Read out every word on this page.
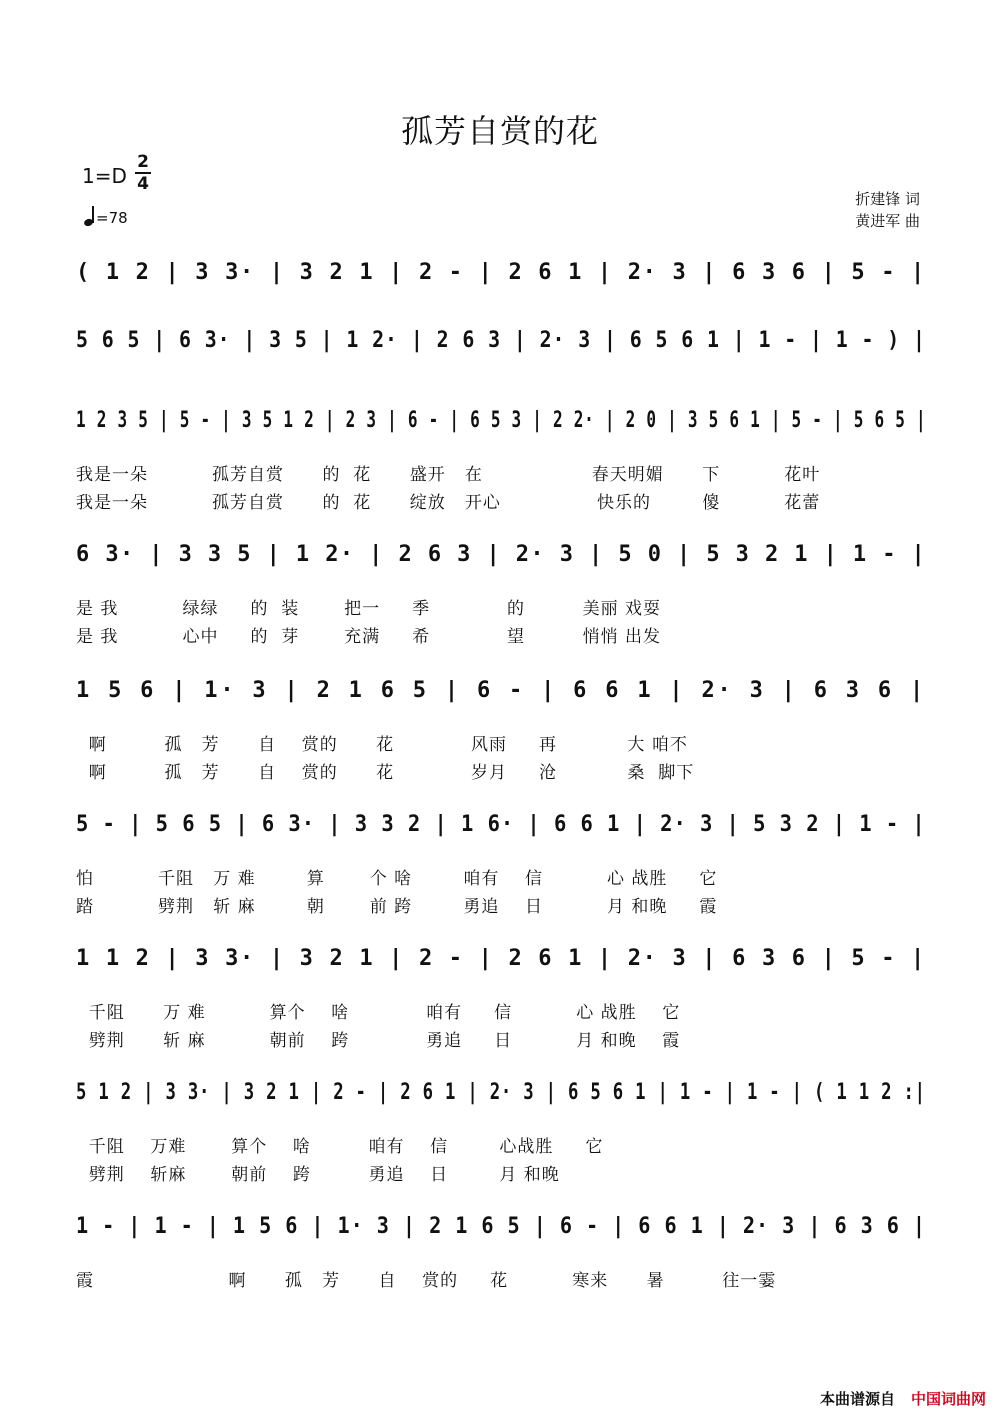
孤芳自赏的花
1=D
2
4
=78
折建锋 词
黄进军 曲
( 1 2 | 3 3· | 3 2 1 | 2 - | 2 6 1 | 2· 3 | 6 3 6 | 5 - |
5 6 5 | 6 3· | 3 5 | 1 2· | 2 6 3 | 2· 3 | 6 5 6 1 | 1 - | 1 - ) |
1 2 3 5 | 5 - | 3 5 1 2 | 2 3 | 6 - | 6 5 3 | 2 2· | 2 0 | 3 5 6 1 | 5 - | 5 6 5 |
我是一朵          孤芳自赏      的  花      盛开   在                 春天明媚      下          花叶
我是一朵          孤芳自赏      的  花      绽放   开心               快乐的        傻          花蕾
6 3· | 3 3 5 | 1 2· | 2 6 3 | 2· 3 | 5 0 | 5 3 2 1 | 1 - |
是 我          绿绿     的  装       把一     季            的         美丽 戏耍
是 我          心中     的  芽       充满     希            望         悄悄 出发
1 5 6 | 1· 3 | 2 1 6 5 | 6 - | 6 6 1 | 2· 3 | 6 3 6 |
啊         孤   芳      自    赏的      花            风雨     再           大 咱不
啊         孤   芳      自    赏的      花            岁月     沧           桑  脚下
5 - | 5 6 5 | 6 3· | 3 3 2 | 1 6· | 6 6 1 | 2· 3 | 5 3 2 | 1 - |
怕          千阻   万 难        算       个 啥        咱有    信          心 战胜     它
踏          劈荆   斩 麻        朝       前 跨        勇追    日          月 和晚     霞
1 1 2 | 3 3· | 3 2 1 | 2 - | 2 6 1 | 2· 3 | 6 3 6 | 5 - |
千阻      万 难          算个    啥            咱有     信          心 战胜    它
劈荆      斩 麻          朝前    跨            勇追     日          月 和晚    霞
5 1 2 | 3 3· | 3 2 1 | 2 - | 2 6 1 | 2· 3 | 6 5 6 1 | 1 - | 1 - | ( 1 1 2 :|
千阻    万难       算个    啥         咱有    信        心战胜     它
劈荆    斩麻       朝前    跨         勇追    日        月 和晚
1 - | 1 - | 1 5 6 | 1· 3 | 2 1 6 5 | 6 - | 6 6 1 | 2· 3 | 6 3 6 |
霞                     啊      孤   芳      自    赏的     花          寒来      暑         往一霎
本曲谱源自 中国词曲网
